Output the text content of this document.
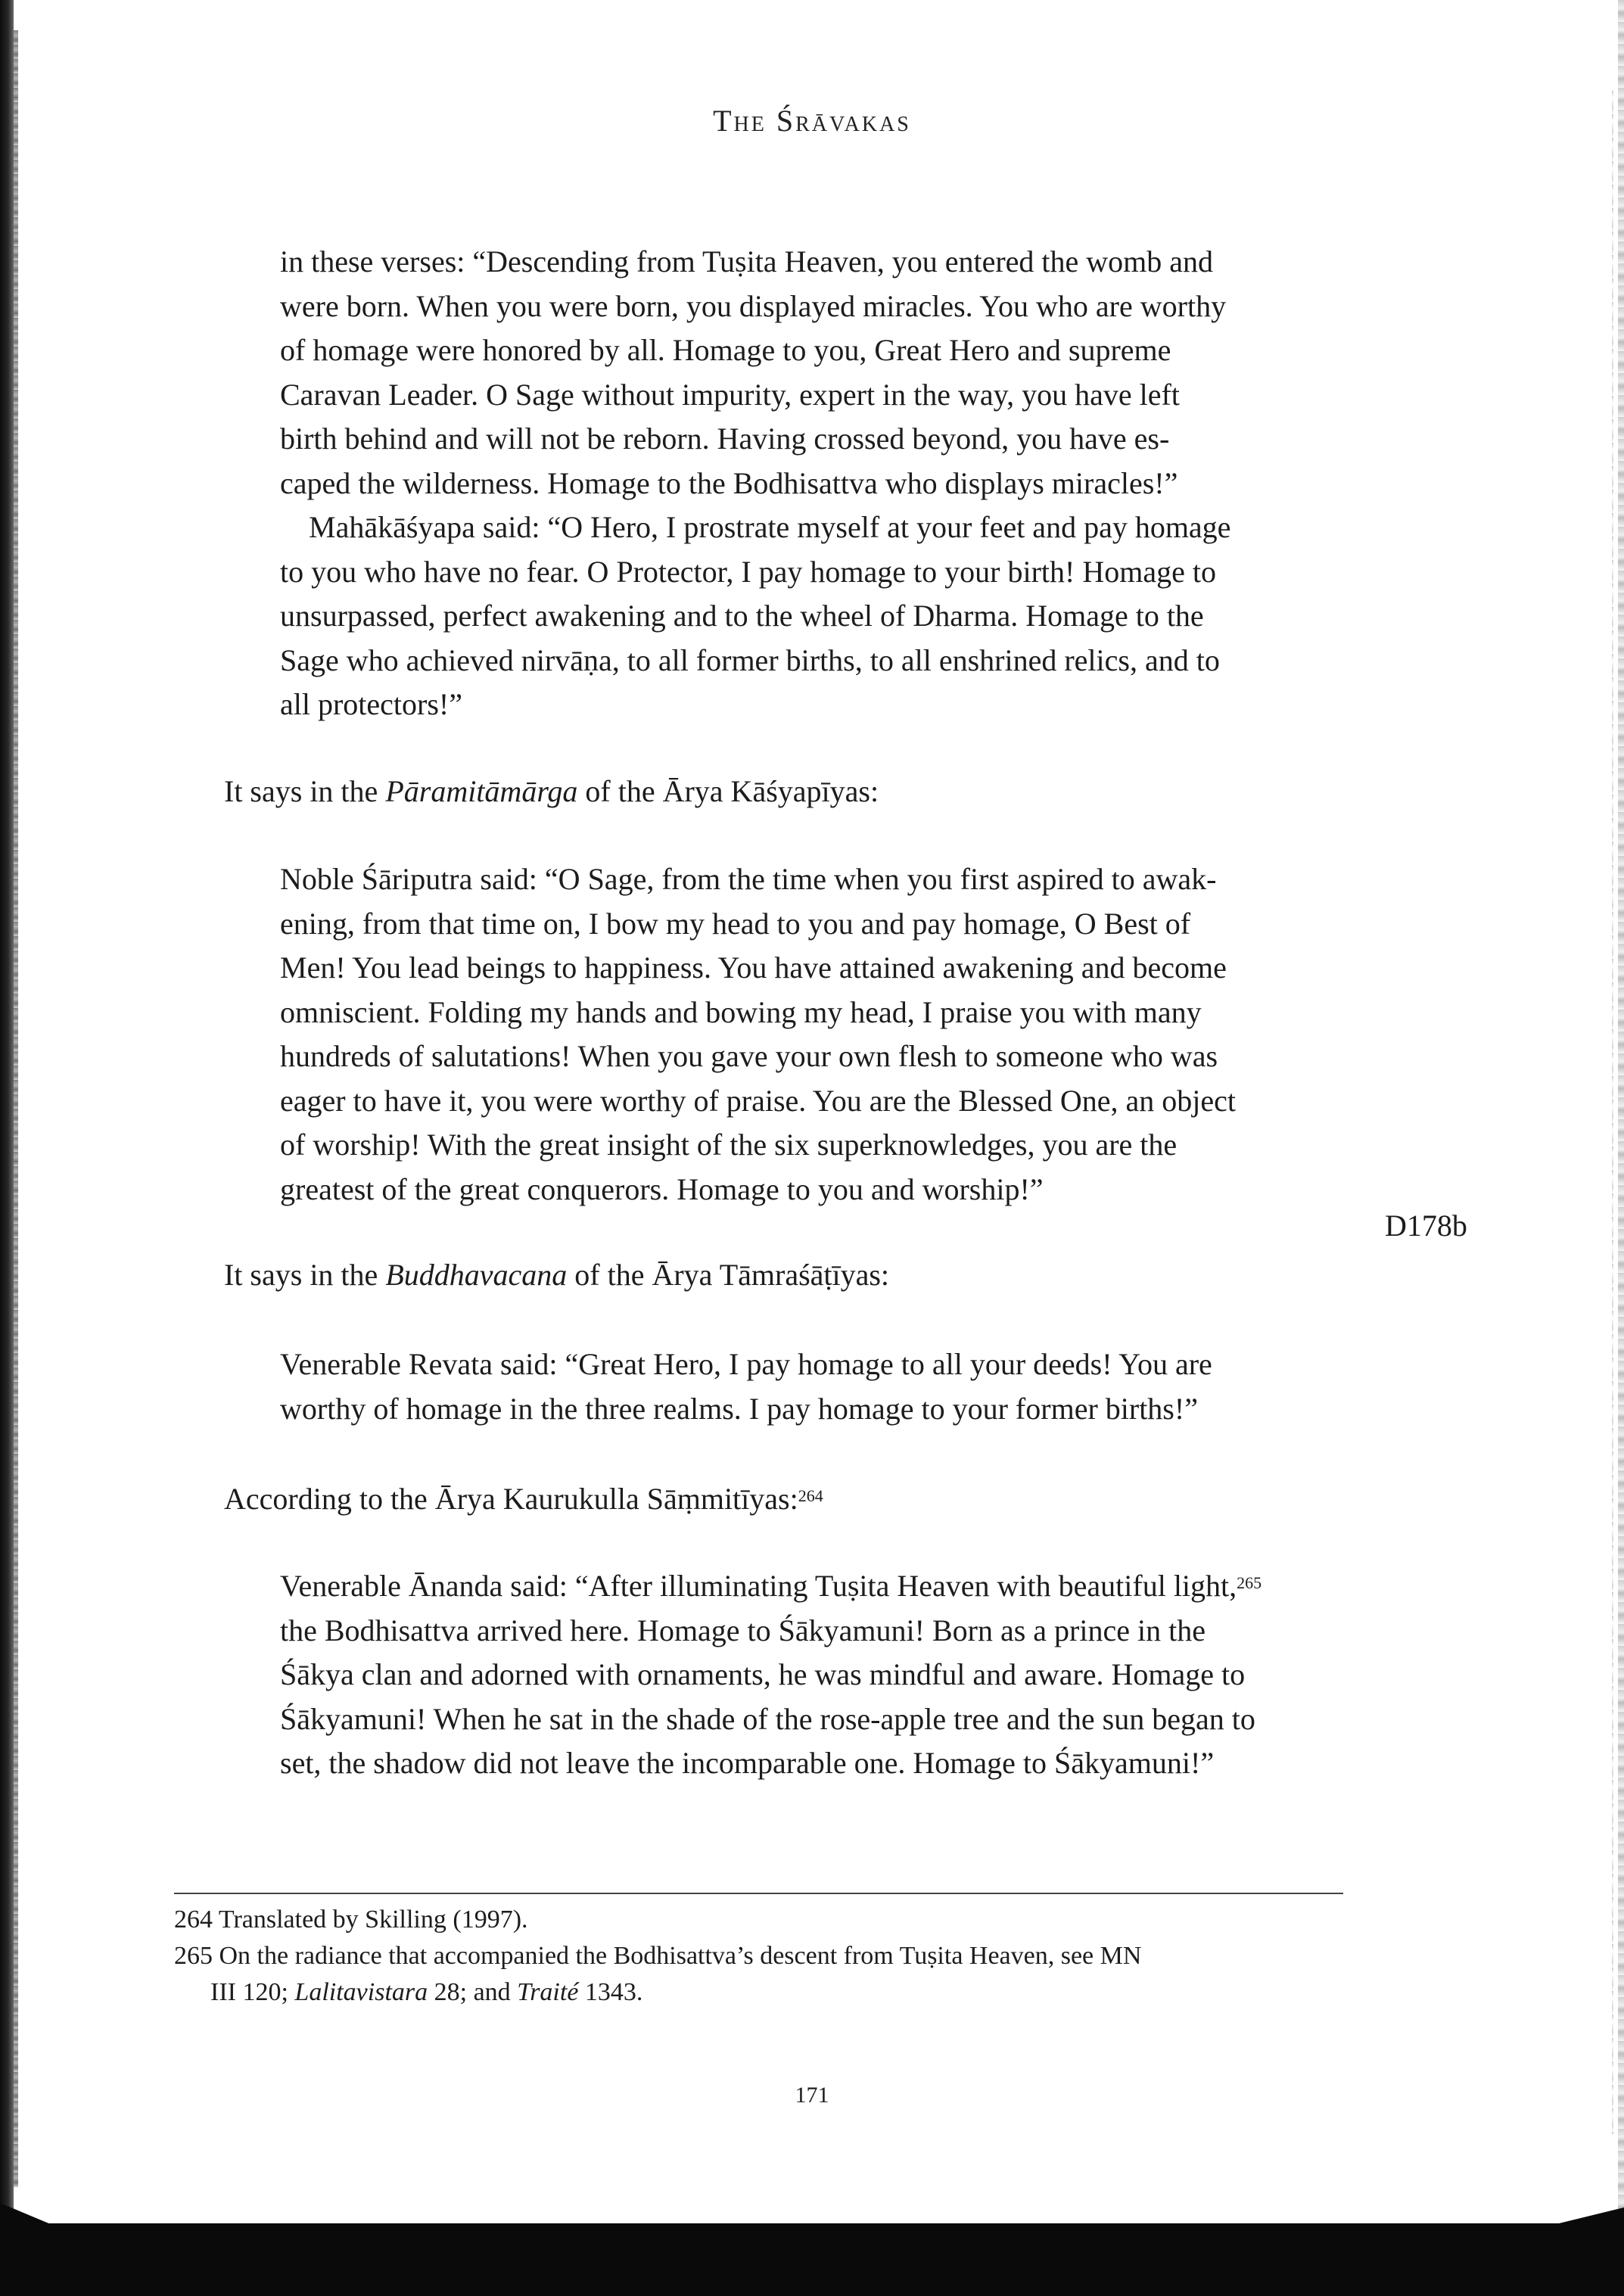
The Śrāvakas
in these verses: “Descending from Tuṣita Heaven, you entered the womb and
were born. When you were born, you displayed miracles. You who are worthy
of homage were honored by all. Homage to you, Great Hero and supreme
Caravan Leader. O Sage without impurity, expert in the way, you have left
birth behind and will not be reborn. Having crossed beyond, you have es-
caped the wilderness. Homage to the Bodhisattva who displays miracles!”
Mahākāśyapa said: “O Hero, I prostrate myself at your feet and pay homage
to you who have no fear. O Protector, I pay homage to your birth! Homage to
unsurpassed, perfect awakening and to the wheel of Dharma. Homage to the
Sage who achieved nirvāṇa, to all former births, to all enshrined relics, and to
all protectors!”
It says in the Pāramitāmārga of the Ārya Kāśyapīyas:
Noble Śāriputra said: “O Sage, from the time when you first aspired to awak-
ening, from that time on, I bow my head to you and pay homage, O Best of
Men! You lead beings to happiness. You have attained awakening and become
omniscient. Folding my hands and bowing my head, I praise you with many
hundreds of salutations! When you gave your own flesh to someone who was
eager to have it, you were worthy of praise. You are the Blessed One, an object
of worship! With the great insight of the six superknowledges, you are the
greatest of the great conquerors. Homage to you and worship!”
D178b
It says in the Buddhavacana of the Ārya Tāmraśāṭīyas:
Venerable Revata said: “Great Hero, I pay homage to all your deeds! You are
worthy of homage in the three realms. I pay homage to your former births!”
According to the Ārya Kaurukulla Sāṃmitīyas:$^{264}$
Venerable Ānanda said: “After illuminating Tuṣita Heaven with beautiful light,$^{265}$
the Bodhisattva arrived here. Homage to Śākyamuni! Born as a prince in the
Śākya clan and adorned with ornaments, he was mindful and aware. Homage to
Śākyamuni! When he sat in the shade of the rose-apple tree and the sun began to
set, the shadow did not leave the incomparable one. Homage to Śākyamuni!”
264 Translated by Skilling (1997).
265 On the radiance that accompanied the Bodhisattva’s descent from Tuṣita Heaven, see MN
III 120; Lalitavistara 28; and Traité 1343.
171
